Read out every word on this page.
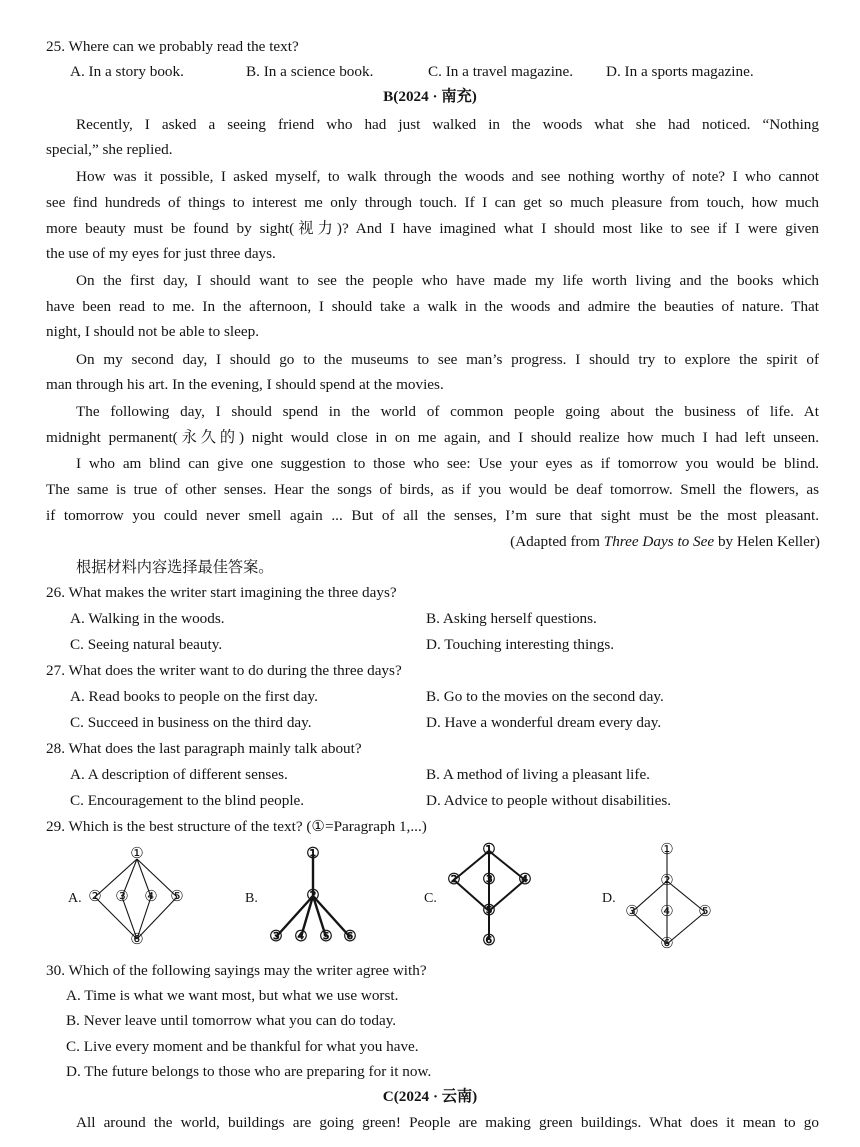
25. Where can we probably read the text?
A. In a story book.	B. In a science book.	C. In a travel magazine. D. In a sports magazine.
B(2024 · 南充)
Recently, I asked a seeing friend who had just walked in the woods what she had noticed. “Nothing
special,” she replied.
How was it possible, I asked myself, to walk through the woods and see nothing worthy of note? I who cannot
see find hundreds of things to interest me only through touch. If I can get so much pleasure from touch, how much
more beauty must be found by sight(视力)? And I have imagined what I should most like to see if I were given
the use of my eyes for just three days.
On the first day, I should want to see the people who have made my life worth living and the books which
have been read to me. In the afternoon, I should take a walk in the woods and admire the beauties of nature. That
night, I should not be able to sleep.
On my second day, I should go to the museums to see man’s progress. I should try to explore the spirit of
man through his art. In the evening, I should spend at the movies.
The following day, I should spend in the world of common people going about the business of life. At
midnight permanent(永久的) night would close in on me again, and I should realize how much I had left unseen.
I who am blind can give one suggestion to those who see: Use your eyes as if tomorrow you would be blind.
The same is true of other senses. Hear the songs of birds, as if you would be deaf tomorrow. Smell the flowers, as
if tomorrow you could never smell again ... But of all the senses, I’m sure that sight must be the most pleasant.
(Adapted from Three Days to See by Helen Keller)
根据材料内容选择最佳答案。
26. What makes the writer start imagining the three days?
A. Walking in the woods.	B. Asking herself questions.
C. Seeing natural beauty.	D. Touching interesting things.
27. What does the writer want to do during the three days?
A. Read books to people on the first day.	B. Go to the movies on the second day.
C. Succeed in business on the third day.	D. Have a wonderful dream every day.
28. What does the last paragraph mainly talk about?
A. A description of different senses.	B. A method of living a pleasant life.
C. Encouragement to the blind people.	D. Advice to people without disabilities.
29. Which is the best structure of the text? (①=Paragraph 1,...)
A.	B.	C.	D.
①
② ③ ④ ⑤
⑥
①
②
③ ④ ⑤ ⑥
①
② ③ ④
⑤
⑥
①
②
③ ④ ⑤
⑥
30. Which of the following sayings may the writer agree with?
A. Time is what we want most, but what we use worst.
B. Never leave until tomorrow what you can do today.
C. Live every moment and be thankful for what you have.
D. The future belongs to those who are preparing for it now.
C(2024 · 云南)
All around the world, buildings are going green! People are making green buildings. What does it mean to go
